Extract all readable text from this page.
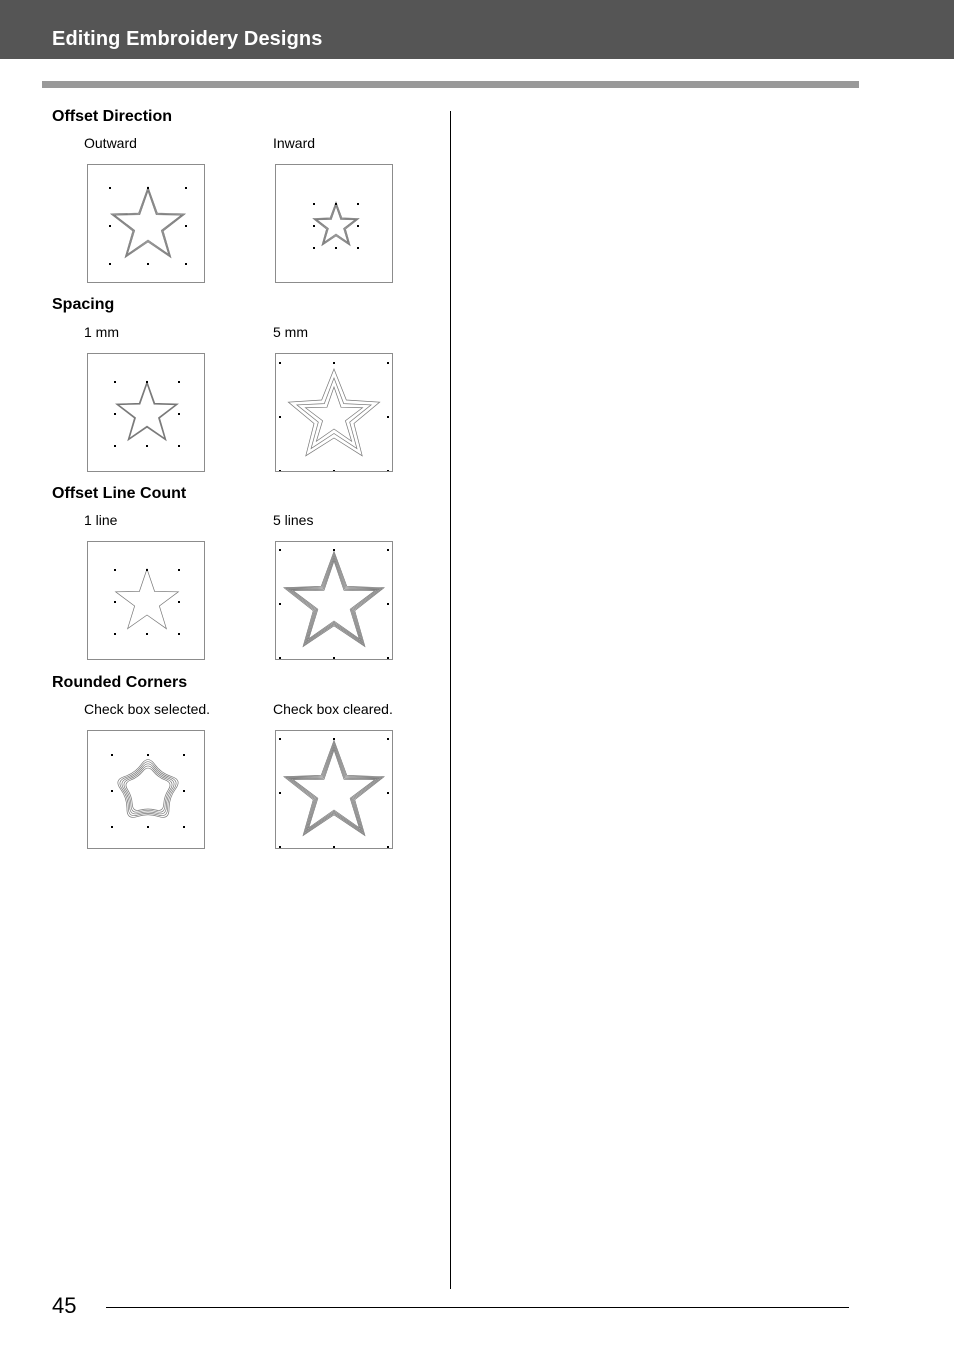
Editing Embroidery Designs
Offset Direction
Outward	Inward
Spacing
1 mm	5 mm
Offset Line Count
1 line	5 lines
Rounded Corners
Check box selected.	Check box cleared.
45
